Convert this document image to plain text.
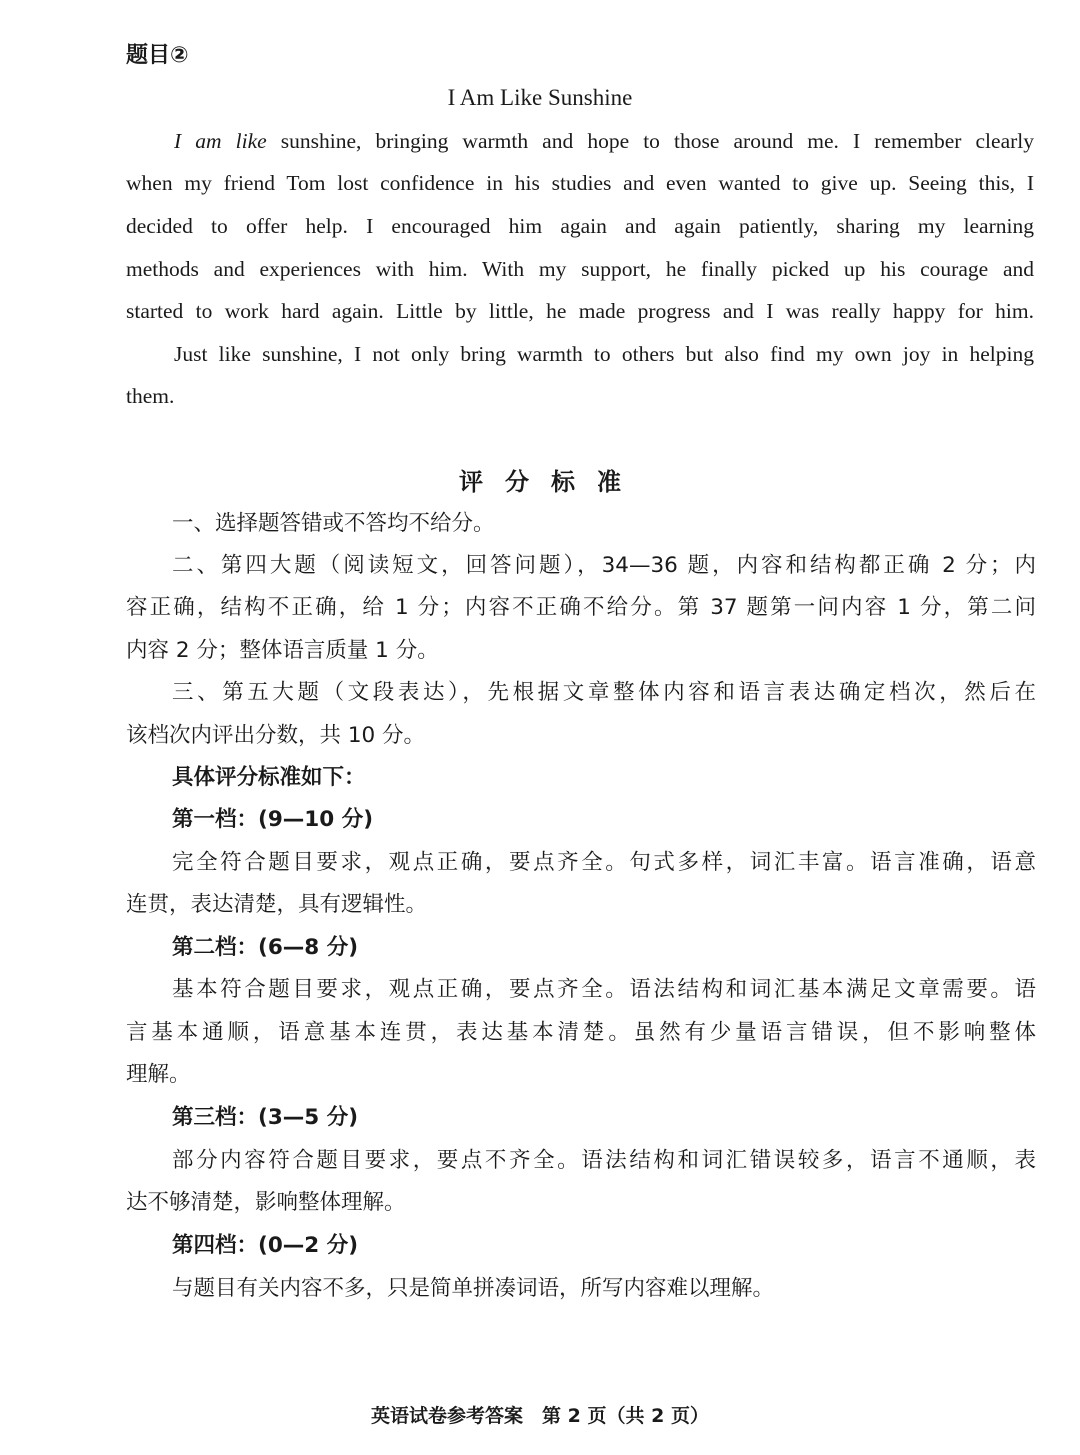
题目②

I Am Like Sunshine

I am like sunshine, bringing warmth and hope to those around me. I remember clearly

when my friend Tom lost confidence in his studies and even wanted to give up. Seeing this, I

decided to offer help. I encouraged him again and again patiently, sharing my learning

methods and experiences with him. With my support, he finally picked up his courage and

started to work hard again. Little by little, he made progress and I was really happy for him.

Just like sunshine, I not only bring warmth to others but also find my own joy in helping

them.

评分标准

一、选择题答错或不答均不给分。

二、第四大题（阅读短文，回答问题），34—36 题，内容和结构都正确 2 分；内

容正确，结构不正确，给 1 分；内容不正确不给分。第 37 题第一问内容 1 分，第二问

内容 2 分；整体语言质量 1 分。

三、第五大题（文段表达），先根据文章整体内容和语言表达确定档次，然后在

该档次内评出分数，共 10 分。

具体评分标准如下：

第一档：(9—10 分)

完全符合题目要求，观点正确，要点齐全。句式多样，词汇丰富。语言准确，语意

连贯，表达清楚，具有逻辑性。

第二档：(6—8 分)

基本符合题目要求，观点正确，要点齐全。语法结构和词汇基本满足文章需要。语

言基本通顺，语意基本连贯，表达基本清楚。虽然有少量语言错误，但不影响整体

理解。

第三档：(3—5 分)

部分内容符合题目要求，要点不齐全。语法结构和词汇错误较多，语言不通顺，表

达不够清楚，影响整体理解。

第四档：(0—2 分)

与题目有关内容不多，只是简单拼凑词语，所写内容难以理解。

英语试卷参考答案　第 2 页（共 2 页）
